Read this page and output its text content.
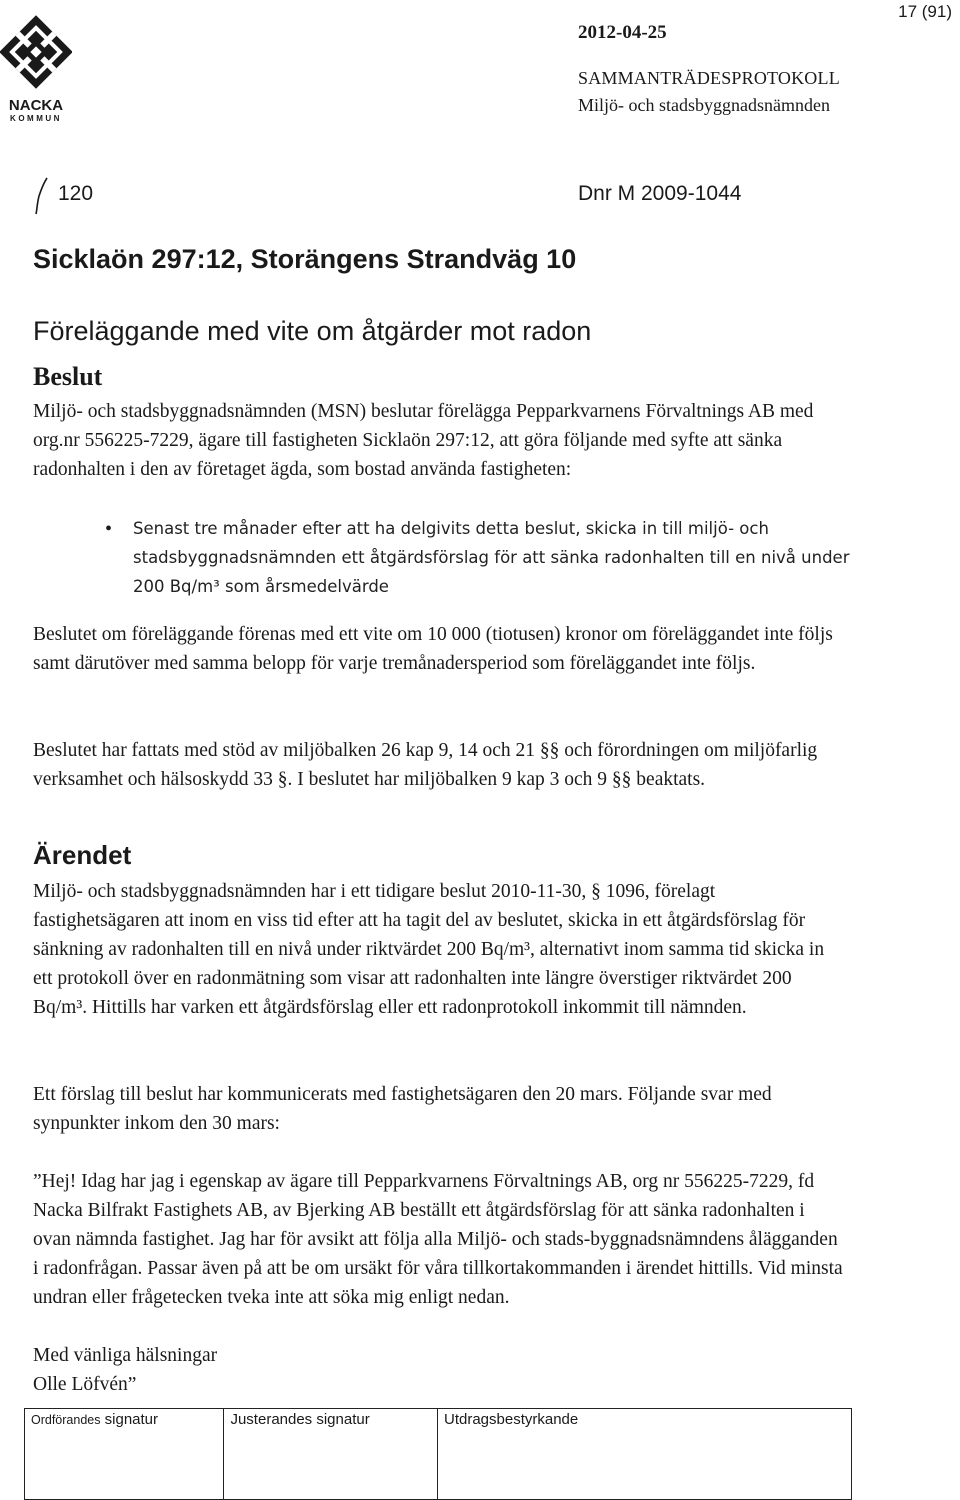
NACKA
KOMMUN
17 (91)
2012-04-25
SAMMANTRÄDESPROTOKOLL
Miljö- och stadsbyggnadsnämnden
120	Dnr M 2009-1044
Sicklaön 297:12, Storängens Strandväg 10
Föreläggande med vite om åtgärder mot radon
Beslut

Miljö- och stadsbyggnadsnämnden (MSN) beslutar förelägga Pepparkvarnens Förvaltnings AB med org.nr 556225-7229, ägare till fastigheten Sicklaön 297:12, att göra följande med syfte att sänka radonhalten i den av företaget ägda, som bostad använda fastigheten:

• Senast tre månader efter att ha delgivits detta beslut, skicka in till miljö- och stadsbyggnadsnämnden ett åtgärdsförslag för att sänka radonhalten till en nivå under 200 Bq/m³ som årsmedelvärde

Beslutet om föreläggande förenas med ett vite om 10 000 (tiotusen) kronor om föreläggandet inte följs samt därutöver med samma belopp för varje tremånadersperiod som föreläggandet inte följs.

Beslutet har fattats med stöd av miljöbalken 26 kap 9, 14 och 21 §§ och förordningen om miljöfarlig verksamhet och hälsoskydd 33 §. I beslutet har miljöbalken 9 kap 3 och 9 §§ beaktats.

Ärendet

Miljö- och stadsbyggnadsnämnden har i ett tidigare beslut 2010-11-30, § 1096, förelagt fastighetsägaren att inom en viss tid efter att ha tagit del av beslutet, skicka in ett åtgärdsförslag för sänkning av radonhalten till en nivå under riktvärdet 200 Bq/m³, alternativt inom samma tid skicka in ett protokoll över en radonmätning som visar att radonhalten inte längre överstiger riktvärdet 200 Bq/m³. Hittills har varken ett åtgärdsförslag eller ett radonprotokoll inkommit till nämnden.

Ett förslag till beslut har kommunicerats med fastighetsägaren den 20 mars. Följande svar med synpunkter inkom den 30 mars:

”Hej! Idag har jag i egenskap av ägare till Pepparkvarnens Förvaltnings AB, org nr 556225-7229, fd Nacka Bilfrakt Fastighets AB, av Bjerking AB beställt ett åtgärdsförslag för att sänka radonhalten i ovan nämnda fastighet. Jag har för avsikt att följa alla Miljö- och stads-byggnadsnämndens ålägganden i radonfrågan. Passar även på att be om ursäkt för våra tillkortakommanden i ärendet hittills. Vid minsta undran eller frågetecken tveka inte att söka mig enligt nedan.

Med vänliga hälsningar
Olle Löfvén”
Ordförandes signatur	Justerandes signatur	Utdragsbestyrkande
